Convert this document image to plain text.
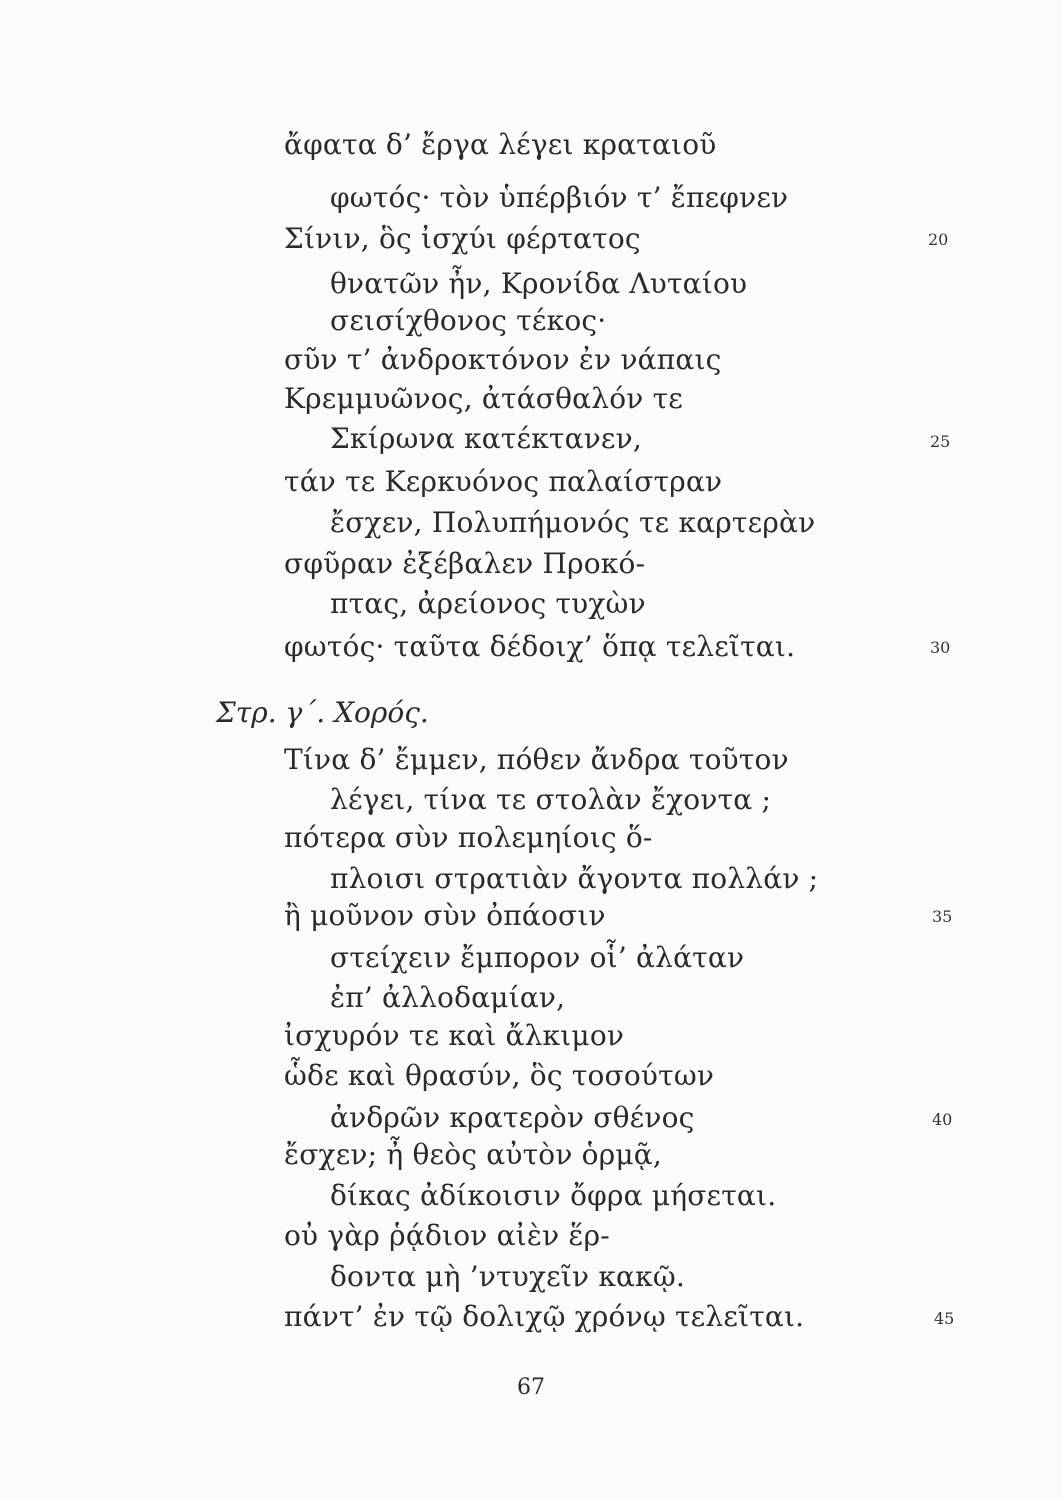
ἄφατα δ’ ἔργα λέγει κραταιοῦ
φωτός· τὸν ὑπέρβιόν τ’ ἔπεφνεν
Σίνιν, ὃς ἰσχύι φέρτατος
θνατῶν ἦν, Κρονίδα Λυταίου
σεισίχθονος τέκος·
σῦν τ’ ἀνδροκτόνον ἐν νάπαις
Κρεμμυῶνος, ἀτάσθαλόν τε
Σκίρωνα κατέκτανεν,
τάν τε Κερκυόνος παλαίστραν
ἔσχεν, Πολυπήμονός τε καρτερὰν
σφῦραν ἐξέβαλεν Προκό-
πτας, ἀρείονος τυχὼν
φωτός· ταῦτα δέδοιχ’ ὅπᾳ τελεῖται.
Στρ. γ΄. Χορός.
Τίνα δ’ ἔμμεν, πόθεν ἄνδρα τοῦτον
λέγει, τίνα τε στολὰν ἔχοντα ;
πότερα σὺν πολεμηίοις ὅ-
πλοισι στρατιὰν ἄγοντα πολλάν ;
ἢ μοῦνον σὺν ὀπάοσιν
στείχειν ἔμπορον οἷ’ ἀλάταν
ἐπ’ ἀλλοδαμίαν,
ἰσχυρόν τε καὶ ἄλκιμον
ὧδε καὶ θρασύν, ὃς τοσούτων
ἀνδρῶν κρατερὸν σθένος
ἔσχεν; ἦ θεὸς αὐτὸν ὁρμᾷ,
δίκας ἀδίκοισιν ὄφρα μήσεται.
οὐ γὰρ ῥᾴδιον αἰὲν ἕρ-
δοντα μὴ ’ντυχεῖν κακῷ.
πάντ’ ἐν τῷ δολιχῷ χρόνῳ τελεῖται.
20
25
30
35
40
45
67
